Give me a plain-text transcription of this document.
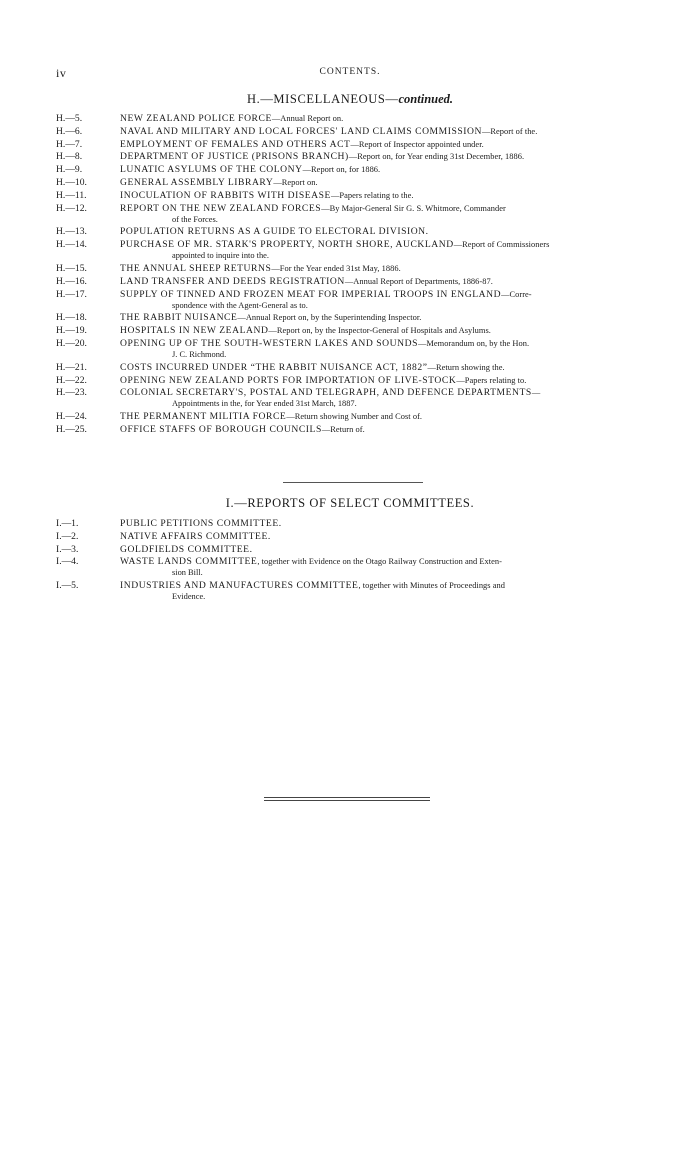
iv	CONTENTS.
H.—MISCELLANEOUS—continued.
H.—5.	NEW ZEALAND POLICE FORCE—Annual Report on.
H.—6.	NAVAL AND MILITARY AND LOCAL FORCES' LAND CLAIMS COMMISSION—Report of the.
H.—7.	EMPLOYMENT OF FEMALES AND OTHERS ACT—Report of Inspector appointed under.
H.—8.	DEPARTMENT OF JUSTICE (PRISONS BRANCH)—Report on, for Year ending 31st December, 1886.
H.—9.	LUNATIC ASYLUMS OF THE COLONY—Report on, for 1886.
H.—10.	GENERAL ASSEMBLY LIBRARY—Report on.
H.—11.	INOCULATION OF RABBITS WITH DISEASE—Papers relating to the.
H.—12.	REPORT ON THE NEW ZEALAND FORCES—By Major-General Sir G. S. Whitmore, Commander
of the Forces.
H.—13.	POPULATION RETURNS AS A GUIDE TO ELECTORAL DIVISION.
H.—14.	PURCHASE OF MR. STARK'S PROPERTY, NORTH SHORE, AUCKLAND—Report of Commissioners
appointed to inquire into the.
H.—15.	THE ANNUAL SHEEP RETURNS—For the Year ended 31st May, 1886.
H.—16.	LAND TRANSFER AND DEEDS REGISTRATION—Annual Report of Departments, 1886-87.
H.—17.	SUPPLY OF TINNED AND FROZEN MEAT FOR IMPERIAL TROOPS IN ENGLAND—Corre-
spondence with the Agent-General as to.
H.—18.	THE RABBIT NUISANCE—Annual Report on, by the Superintending Inspector.
H.—19.	HOSPITALS IN NEW ZEALAND—Report on, by the Inspector-General of Hospitals and Asylums.
H.—20.	OPENING UP OF THE SOUTH-WESTERN LAKES AND SOUNDS—Memorandum on, by the Hon.
J. C. Richmond.
H.—21.	COSTS INCURRED UNDER “THE RABBIT NUISANCE ACT, 1882”—Return showing the.
H.—22.	OPENING NEW ZEALAND PORTS FOR IMPORTATION OF LIVE-STOCK—Papers relating to.
H.—23.	COLONIAL SECRETARY'S, POSTAL AND TELEGRAPH, AND DEFENCE DEPARTMENTS—
Appointments in the, for Year ended 31st March, 1887.
H.—24.	THE PERMANENT MILITIA FORCE—Return showing Number and Cost of.
H.—25.	OFFICE STAFFS OF BOROUGH COUNCILS—Return of.
I.—REPORTS OF SELECT COMMITTEES.
I.—1.	PUBLIC PETITIONS COMMITTEE.
I.—2.	NATIVE AFFAIRS COMMITTEE.
I.—3.	GOLDFIELDS COMMITTEE.
I.—4.	WASTE LANDS COMMITTEE, together with Evidence on the Otago Railway Construction and Exten-
sion Bill.
I.—5.	INDUSTRIES AND MANUFACTURES COMMITTEE, together with Minutes of Proceedings and
Evidence.
